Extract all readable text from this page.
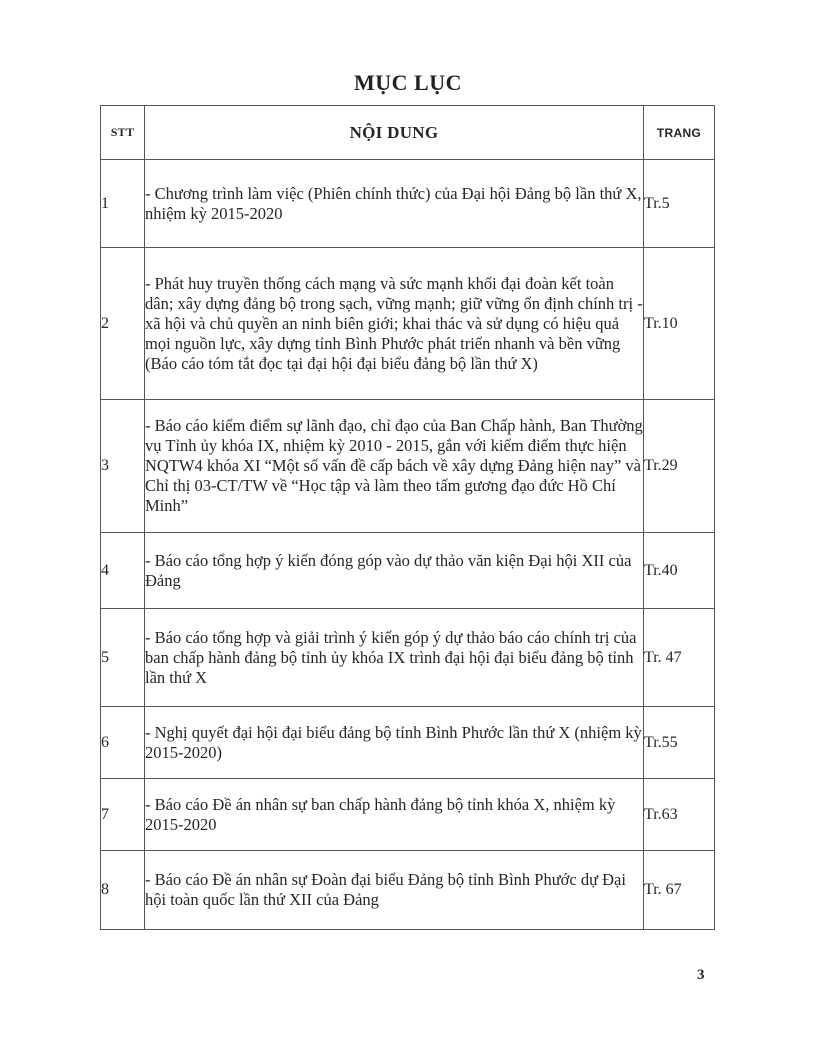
MỤC LỤC
STT	NỘI DUNG	TRANG
1	- Chương trình làm việc (Phiên chính thức) của Đại hội Đảng bộ lần thứ X, nhiệm kỳ 2015-2020	Tr.5
2	- Phát huy truyền thống cách mạng và sức mạnh khối đại đoàn kết toàn dân; xây dựng đảng bộ trong sạch, vững mạnh; giữ vững ổn định chính trị - xã hội và chủ quyền an ninh biên giới; khai thác và sử dụng có hiệu quả mọi nguồn lực, xây dựng tỉnh Bình Phước phát triển nhanh và bền vững (Báo cáo tóm tắt đọc tại đại hội đại biểu đảng bộ lần thứ X)	Tr.10
3	- Báo cáo kiểm điểm sự lãnh đạo, chỉ đạo của Ban Chấp hành, Ban Thường vụ Tỉnh ủy khóa IX, nhiệm kỳ 2010 - 2015, gắn với kiểm điểm thực hiện NQTW4 khóa XI “Một số vấn đề cấp bách về xây dựng Đảng hiện nay” và Chỉ thị 03-CT/TW về “Học tập và làm theo tấm gương đạo đức Hồ Chí Minh”	Tr.29
4	- Báo cáo tổng hợp ý kiến đóng góp vào dự thảo văn kiện Đại hội XII của Đảng	Tr.40
5	- Báo cáo tổng hợp và giải trình ý kiến góp ý dự thảo báo cáo chính trị của ban chấp hành đảng bộ tỉnh ủy khóa IX trình đại hội đại biểu đảng bộ tỉnh lần thứ X	Tr. 47
6	- Nghị quyết đại hội đại biểu đảng bộ tỉnh Bình Phước lần thứ X (nhiệm kỳ 2015-2020)	Tr.55
7	- Báo cáo Đề án nhân sự ban chấp hành đảng bộ tỉnh khóa X, nhiệm kỳ 2015-2020	Tr.63
8	- Báo cáo Đề án nhân sự Đoàn đại biểu Đảng bộ tỉnh Bình Phước dự Đại hội toàn quốc lần thứ XII của Đảng	Tr. 67
3
